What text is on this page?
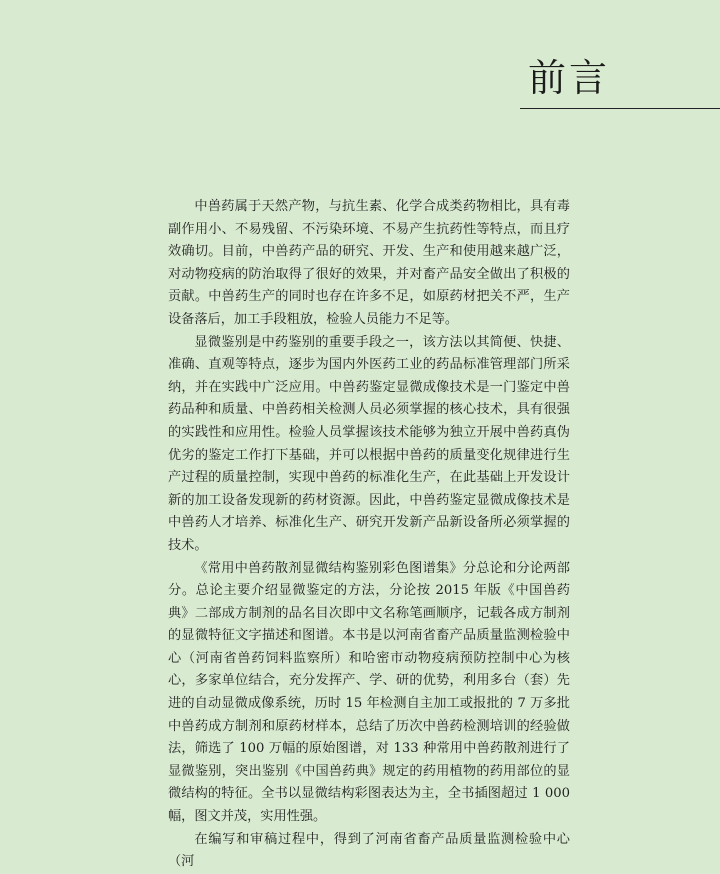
前言

中兽药属于天然产物，与抗生素、化学合成类药物相比，具有毒副作用小、不易残留、不污染环境、不易产生抗药性等特点，而且疗效确切。目前，中兽药产品的研究、开发、生产和使用越来越广泛，对动物疫病的防治取得了很好的效果，并对畜产品安全做出了积极的贡献。中兽药生产的同时也存在许多不足，如原药材把关不严，生产设备落后，加工手段粗放，检验人员能力不足等。

显微鉴别是中药鉴别的重要手段之一，该方法以其简便、快捷、准确、直观等特点，逐步为国内外医药工业的药品标准管理部门所采纳，并在实践中广泛应用。中兽药鉴定显微成像技术是一门鉴定中兽药品种和质量、中兽药相关检测人员必须掌握的核心技术，具有很强的实践性和应用性。检验人员掌握该技术能够为独立开展中兽药真伪优劣的鉴定工作打下基础，并可以根据中兽药的质量变化规律进行生产过程的质量控制，实现中兽药的标准化生产，在此基础上开发设计新的加工设备发现新的药材资源。因此，中兽药鉴定显微成像技术是中兽药人才培养、标准化生产、研究开发新产品新设备所必须掌握的技术。

《常用中兽药散剂显微结构鉴别彩色图谱集》分总论和分论两部分。总论主要介绍显微鉴定的方法，分论按 2015 年版《中国兽药典》二部成方制剂的品名目次即中文名称笔画顺序，记载各成方制剂的显微特征文字描述和图谱。本书是以河南省畜产品质量监测检验中心（河南省兽药饲料监察所）和哈密市动物疫病预防控制中心为核心，多家单位结合，充分发挥产、学、研的优势，利用多台（套）先进的自动显微成像系统，历时 15 年检测自主加工或报批的 7 万多批中兽药成方制剂和原药材样本，总结了历次中兽药检测培训的经验做法，筛选了 100 万幅的原始图谱，对 133 种常用中兽药散剂进行了显微鉴别，突出鉴别《中国兽药典》规定的药用植物的药用部位的显微结构的特征。全书以显微结构彩图表达为主，全书插图超过 1 000 幅，图文并茂，实用性强。

在编写和审稿过程中，得到了河南省畜产品质量监测检验中心（河
